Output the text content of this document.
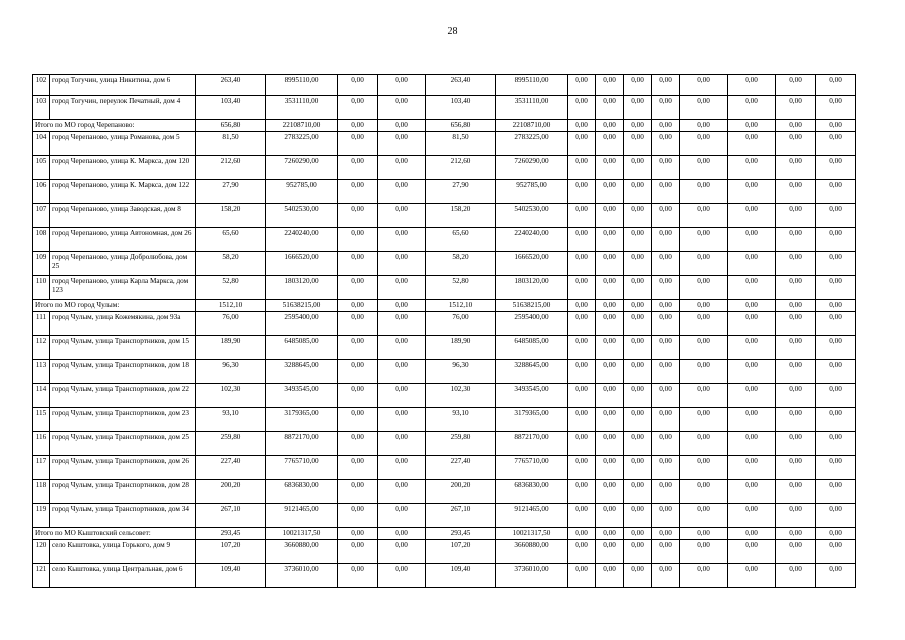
28
102	город Тогучин, улица Никитина, дом 6	263,40	8995110,00	0,00	0,00	263,40	8995110,00	0,00	0,00	0,00	0,00	0,00	0,00	0,00	0,00
103	город Тогучин, переулок Печатный, дом 4	103,40	3531110,00	0,00	0,00	103,40	3531110,00	0,00	0,00	0,00	0,00	0,00	0,00	0,00	0,00
Итого по МО город Черепаново:		656,80	22108710,00	0,00	0,00	656,80	22108710,00	0,00	0,00	0,00	0,00	0,00	0,00	0,00	0,00
104	город Черепаново, улица Романова, дом 5	81,50	2783225,00	0,00	0,00	81,50	2783225,00	0,00	0,00	0,00	0,00	0,00	0,00	0,00	0,00
105	город Черепаново, улица К. Маркса, дом 120	212,60	7260290,00	0,00	0,00	212,60	7260290,00	0,00	0,00	0,00	0,00	0,00	0,00	0,00	0,00
106	город Черепаново, улица К. Маркса, дом 122	27,90	952785,00	0,00	0,00	27,90	952785,00	0,00	0,00	0,00	0,00	0,00	0,00	0,00	0,00
107	город Черепаново, улица Заводская, дом 8	158,20	5402530,00	0,00	0,00	158,20	5402530,00	0,00	0,00	0,00	0,00	0,00	0,00	0,00	0,00
108	город Черепаново, улица Автономная, дом 26	65,60	2240240,00	0,00	0,00	65,60	2240240,00	0,00	0,00	0,00	0,00	0,00	0,00	0,00	0,00
109	город Черепаново, улица Добролюбова, дом 25	58,20	1666520,00	0,00	0,00	58,20	1666520,00	0,00	0,00	0,00	0,00	0,00	0,00	0,00	0,00
110	город Черепаново, улица Карла Маркса, дом 123	52,80	1803120,00	0,00	0,00	52,80	1803120,00	0,00	0,00	0,00	0,00	0,00	0,00	0,00	0,00
Итого по МО город Чулым:		1512,10	51638215,00	0,00	0,00	1512,10	51638215,00	0,00	0,00	0,00	0,00	0,00	0,00	0,00	0,00
111	город Чулым, улица Кожемякина, дом 93а	76,00	2595400,00	0,00	0,00	76,00	2595400,00	0,00	0,00	0,00	0,00	0,00	0,00	0,00	0,00
112	город Чулым, улица Транспортников, дом 15	189,90	6485085,00	0,00	0,00	189,90	6485085,00	0,00	0,00	0,00	0,00	0,00	0,00	0,00	0,00
113	город Чулым, улица Транспортников, дом 18	96,30	3288645,00	0,00	0,00	96,30	3288645,00	0,00	0,00	0,00	0,00	0,00	0,00	0,00	0,00
114	город Чулым, улица Транспортников, дом 22	102,30	3493545,00	0,00	0,00	102,30	3493545,00	0,00	0,00	0,00	0,00	0,00	0,00	0,00	0,00
115	город Чулым, улица Транспортников, дом 23	93,10	3179365,00	0,00	0,00	93,10	3179365,00	0,00	0,00	0,00	0,00	0,00	0,00	0,00	0,00
116	город Чулым, улица Транспортников, дом 25	259,80	8872170,00	0,00	0,00	259,80	8872170,00	0,00	0,00	0,00	0,00	0,00	0,00	0,00	0,00
117	город Чулым, улица Транспортников, дом 26	227,40	7765710,00	0,00	0,00	227,40	7765710,00	0,00	0,00	0,00	0,00	0,00	0,00	0,00	0,00
118	город Чулым, улица Транспортников, дом 28	200,20	6836830,00	0,00	0,00	200,20	6836830,00	0,00	0,00	0,00	0,00	0,00	0,00	0,00	0,00
119	город Чулым, улица Транспортников, дом 34	267,10	9121465,00	0,00	0,00	267,10	9121465,00	0,00	0,00	0,00	0,00	0,00	0,00	0,00	0,00
Итого по МО Кыштовский сельсовет:		293,45	10021317,50	0,00	0,00	293,45	10021317,50	0,00	0,00	0,00	0,00	0,00	0,00	0,00	0,00
120	село Кыштовка, улица Горького, дом 9	107,20	3660880,00	0,00	0,00	107,20	3660880,00	0,00	0,00	0,00	0,00	0,00	0,00	0,00	0,00
121	село Кыштовка, улица Центральная, дом 6	109,40	3736010,00	0,00	0,00	109,40	3736010,00	0,00	0,00	0,00	0,00	0,00	0,00	0,00	0,00
